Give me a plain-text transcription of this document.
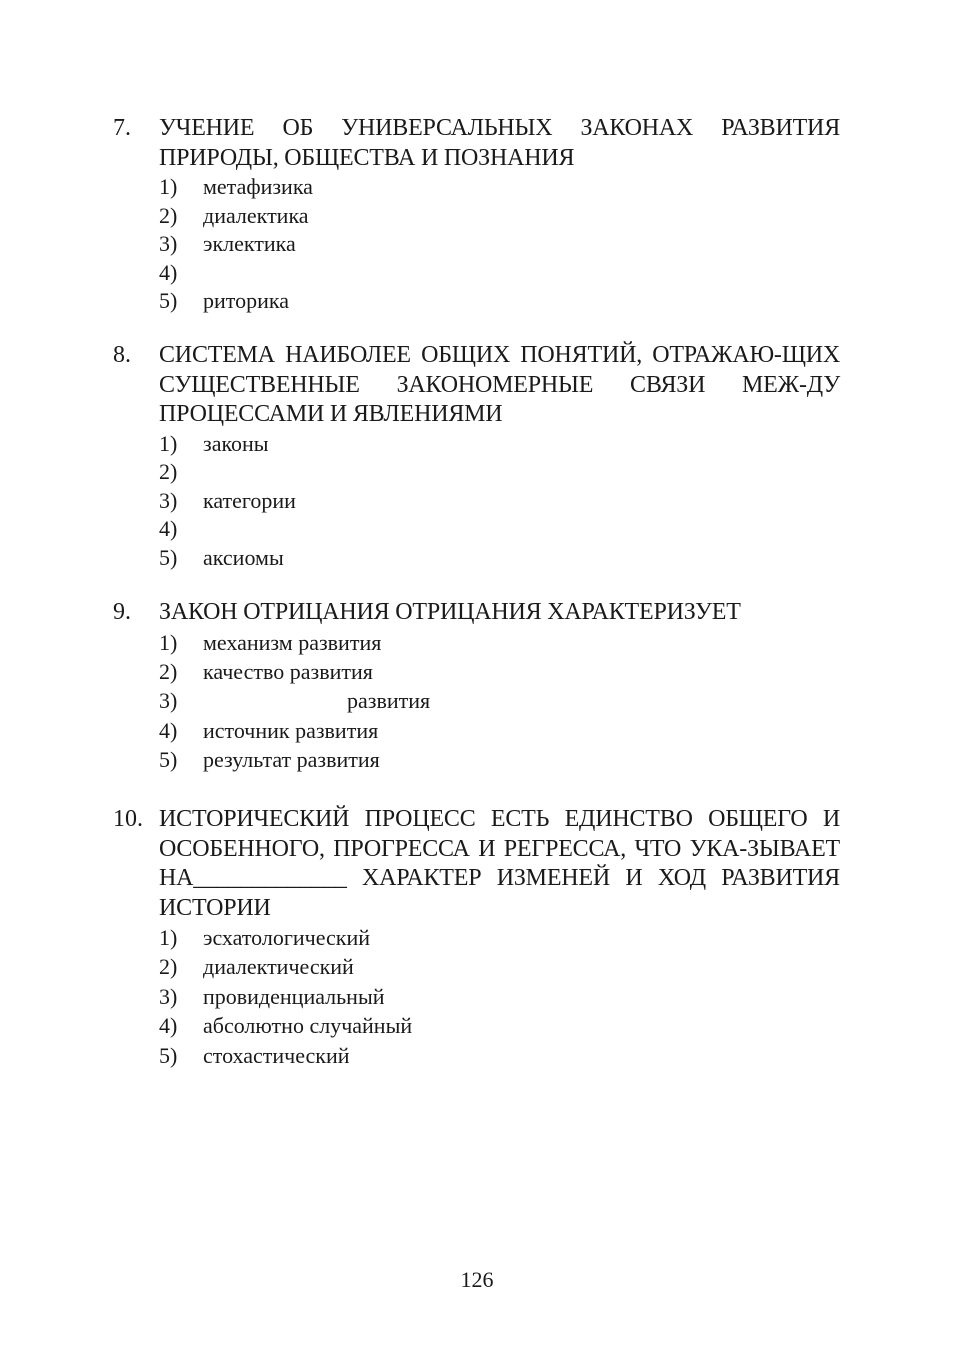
7.	УЧЕНИЕ ОБ УНИВЕРСАЛЬНЫХ ЗАКОНАХ РАЗВИТИЯ ПРИРОДЫ, ОБЩЕСТВА И ПОЗНАНИЯ
1)	метафизика
2)	диалектика
3)	эклектика
4)
5)	риторика
8.	СИСТЕМА НАИБОЛЕЕ ОБЩИХ ПОНЯТИЙ, ОТРАЖАЮ-ЩИХ СУЩЕСТВЕННЫЕ ЗАКОНОМЕРНЫЕ СВЯЗИ МЕЖ-ДУ ПРОЦЕССАМИ И ЯВЛЕНИЯМИ
1)	законы
2)
3)	категории
4)
5)	аксиомы
9.	ЗАКОН ОТРИЦАНИЯ ОТРИЦАНИЯ ХАРАКТЕРИЗУЕТ
1)	механизм развития
2)	качество развития
3)	развития
4)	источник развития
5)	результат развития
10. ИСТОРИЧЕСКИЙ ПРОЦЕСС ЕСТЬ ЕДИНСТВО ОБЩЕГО И ОСОБЕННОГО, ПРОГРЕССА И РЕГРЕССА, ЧТО УКА-ЗЫВАЕТ НА_____________ ХАРАКТЕР ИЗМЕНЕЙ И ХОД РАЗВИТИЯ ИСТОРИИ
1)	эсхатологический
2)	диалектический
3)	провиденциальный
4)	абсолютно случайный
5)	стохастический
126
